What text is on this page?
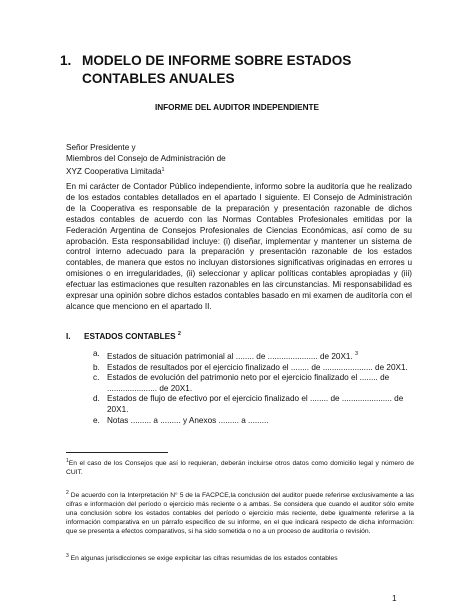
1. MODELO DE INFORME SOBRE ESTADOS CONTABLES ANUALES
INFORME DEL AUDITOR INDEPENDIENTE
Señor Presidente y
Miembros del Consejo de Administración de
XYZ Cooperativa Limitada$^1$
En mi carácter de Contador Público independiente, informo sobre la auditoría que he realizado de los estados contables detallados en el apartado I siguiente. El Consejo de Administración de la Cooperativa es responsable de la preparación y presentación razonable de dichos estados contables de acuerdo con las Normas Contables Profesionales emitidas por la Federación Argentina de Consejos Profesionales de Ciencias Económicas, así como de su aprobación. Esta responsabilidad incluye: (i) diseñar, implementar y mantener un sistema de control interno adecuado para la preparación y presentación razonable de los estados contables, de manera que estos no incluyan distorsiones significativas originadas en errores u omisiones o en irregularidades, (ii) seleccionar y aplicar políticas contables apropiadas y (iii) efectuar las estimaciones que resulten razonables en las circunstancias. Mi responsabilidad es expresar una opinión sobre dichos estados contables basado en mi examen de auditoría con el alcance que menciono en el apartado II.
I. ESTADOS CONTABLES $^2$
a. Estados de situación patrimonial al ........ de ...................... de 20X1. $^3$
b. Estados de resultados por el ejercicio finalizado el ........ de ...................... de 20X1.
c. Estados de evolución del patrimonio neto por el ejercicio finalizado el ........ de ...................... de 20X1.
d. Estados de flujo de efectivo por el ejercicio finalizado el ........ de ...................... de 20X1.
e. Notas ......... a ......... y Anexos ......... a .........
$^1$En el caso de los Consejos que así lo requieran, deberán incluirse otros datos como domicilio legal y número de CUIT.
$^2$ De acuerdo con la Interpretación N° 5 de la FACPCE,la conclusión del auditor puede referirse exclusivamente a las cifras e información del período o ejercicio más reciente o a ambas. Se considera que cuando el auditor sólo emite una conclusión sobre los estados contables del período o ejercicio más reciente, debe igualmente referirse a la información comparativa en un párrafo específico de su informe, en el que indicará respecto de dicha información: que se presenta a efectos comparativos, si ha sido sometida o no a un proceso de auditoría o revisión.
$^3$ En algunas jurisdicciones se exige explicitar las cifras resumidas de los estados contables
1
